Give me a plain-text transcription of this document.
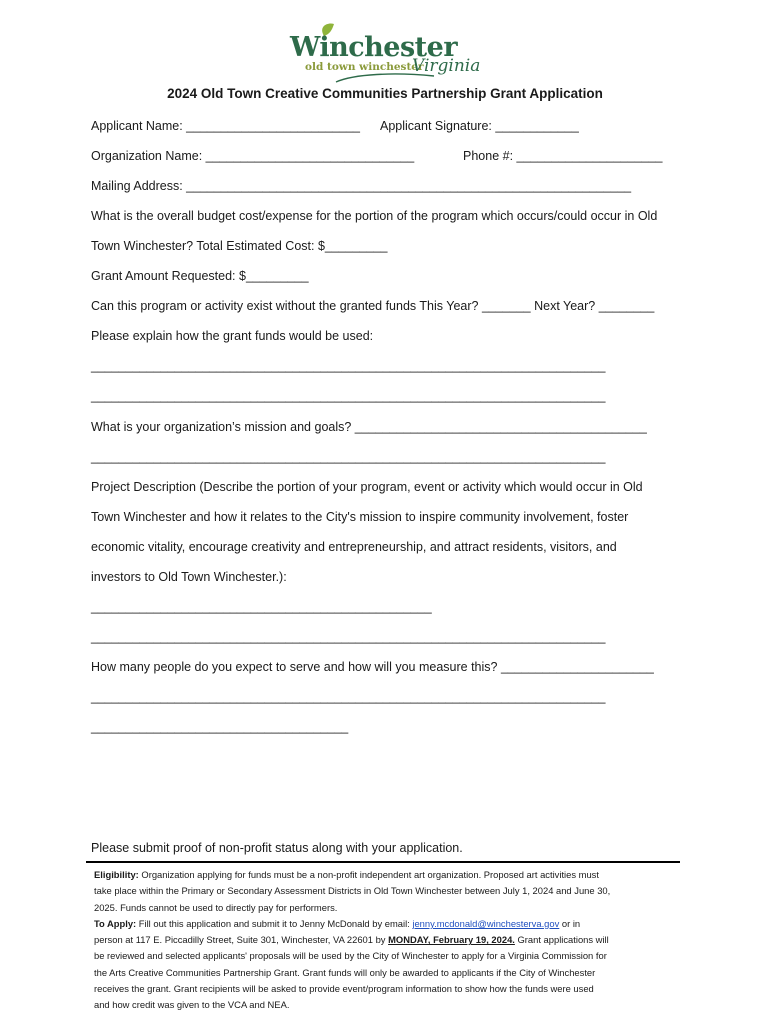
Winchester
old town winchester
Virginia
2024 Old Town Creative Communities Partnership Grant Application
Applicant Name: _________________________ Applicant Signature: ____________
Organization Name: ______________________________	Phone #: _____________________
Mailing Address: ________________________________________________________________
What is the overall budget cost/expense for the portion of the program which occurs/could occur in Old
Town Winchester? Total Estimated Cost: $_________
Grant Amount Requested: $_________
Can this program or activity exist without the granted funds This Year? _______ Next Year? ________
Please explain how the grant funds would be used:
__________________________________________________________________________
__________________________________________________________________________
What is your organization’s mission and goals? __________________________________________
__________________________________________________________________________
Project Description (Describe the portion of your program, event or activity which would occur in Old
Town Winchester and how it relates to the City's mission to inspire community involvement, foster
economic vitality, encourage creativity and entrepreneurship, and attract residents, visitors, and
investors to Old Town Winchester.):
_________________________________________________
__________________________________________________________________________
How many people do you expect to serve and how will you measure this? ______________________
__________________________________________________________________________
_____________________________________
Please submit proof of non-profit status along with your application.
Eligibility: Organization applying for funds must be a non-profit independent art organization. Proposed art activities must
take place within the Primary or Secondary Assessment Districts in Old Town Winchester between July 1, 2024 and June 30,
2025. Funds cannot be used to directly pay for performers.
To Apply: Fill out this application and submit it to Jenny McDonald by email: jenny.mcdonald@winchesterva.gov or in
person at 117 E. Piccadilly Street, Suite 301, Winchester, VA 22601 by MONDAY, February 19, 2024. Grant applications will
be reviewed and selected applicants' proposals will be used by the City of Winchester to apply for a Virginia Commission for
the Arts Creative Communities Partnership Grant. Grant funds will only be awarded to applicants if the City of Winchester
receives the grant. Grant recipients will be asked to provide event/program information to show how the funds were used
and how credit was given to the VCA and NEA.
